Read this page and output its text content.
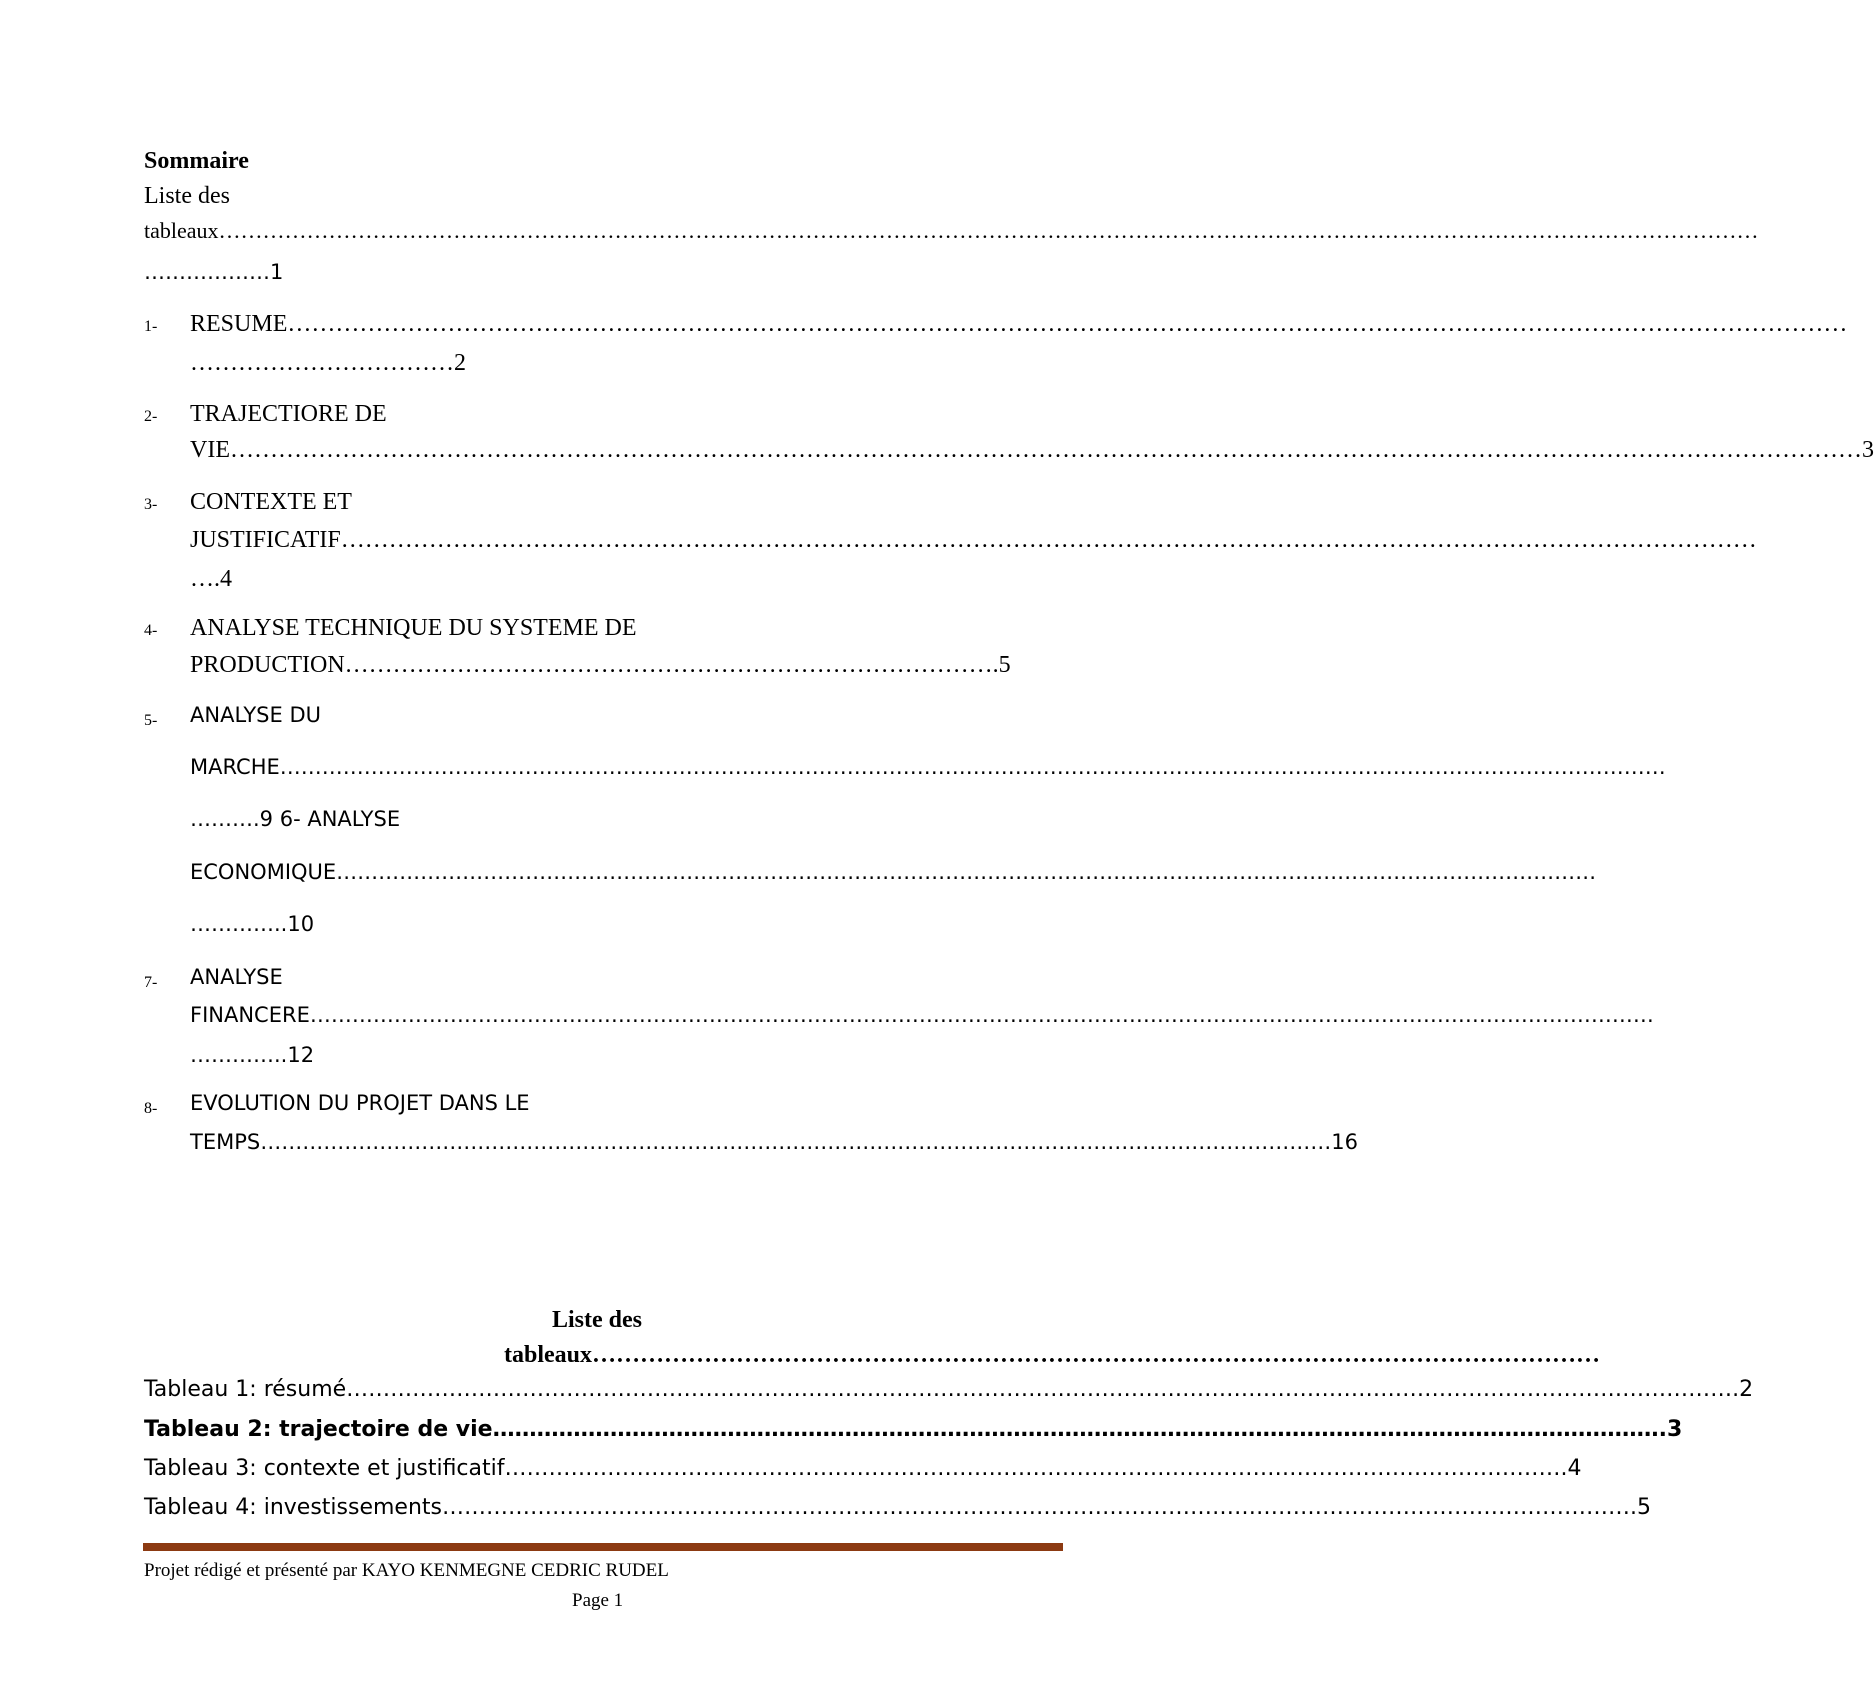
Sommaire
Liste des
tableaux…………………………………………………………………………………………………………………………………………………………………………………………
………………1
1- RESUME……………………………………………………………………………………………………………………………………………………………………………
……………………………2
2- TRAJECTIORE DE
VIE……………………………………………………………………………………………………………………………………………………………………………………3
3- CONTEXTE ET
JUSTIFICATIF……………………………………………………………………………………………………………………………………………………………
….4
4- ANALYSE TECHNIQUE DU SYSTEME DE
PRODUCTION……………………………………………………………………….5
5- ANALYSE DU
MARCHE………………………………………………………………………………………………………………………………………………………………………………
……….9 6- ANALYSE
ECONOMIQUE………………………………………………………………………………………………………………………………………………………………
…………..10
7- ANALYSE
FINANCERE…………………………………………………………………………………………………………………………………………………………………………
…………..12
8- EVOLUTION DU PROJET DANS LE
TEMPS………………………………………………………………………………………………………………………………………16
Liste des
tableaux………………………………………………………………………………………………………………
Tableau 1: résumé……………………………………………………………………………………………………………………………………………………………………….2
Tableau 2: trajectoire de vie…………………………………………………………………………………………………………………………………………….3
Tableau 3: contexte et justificatif……………………………………………………………………………………………………………………………….4
Tableau 4: investissements……………………………………………………………………………………………………………………………………………….5
Projet rédigé et présenté par KAYO KENMEGNE CEDRIC RUDEL
Page 1
